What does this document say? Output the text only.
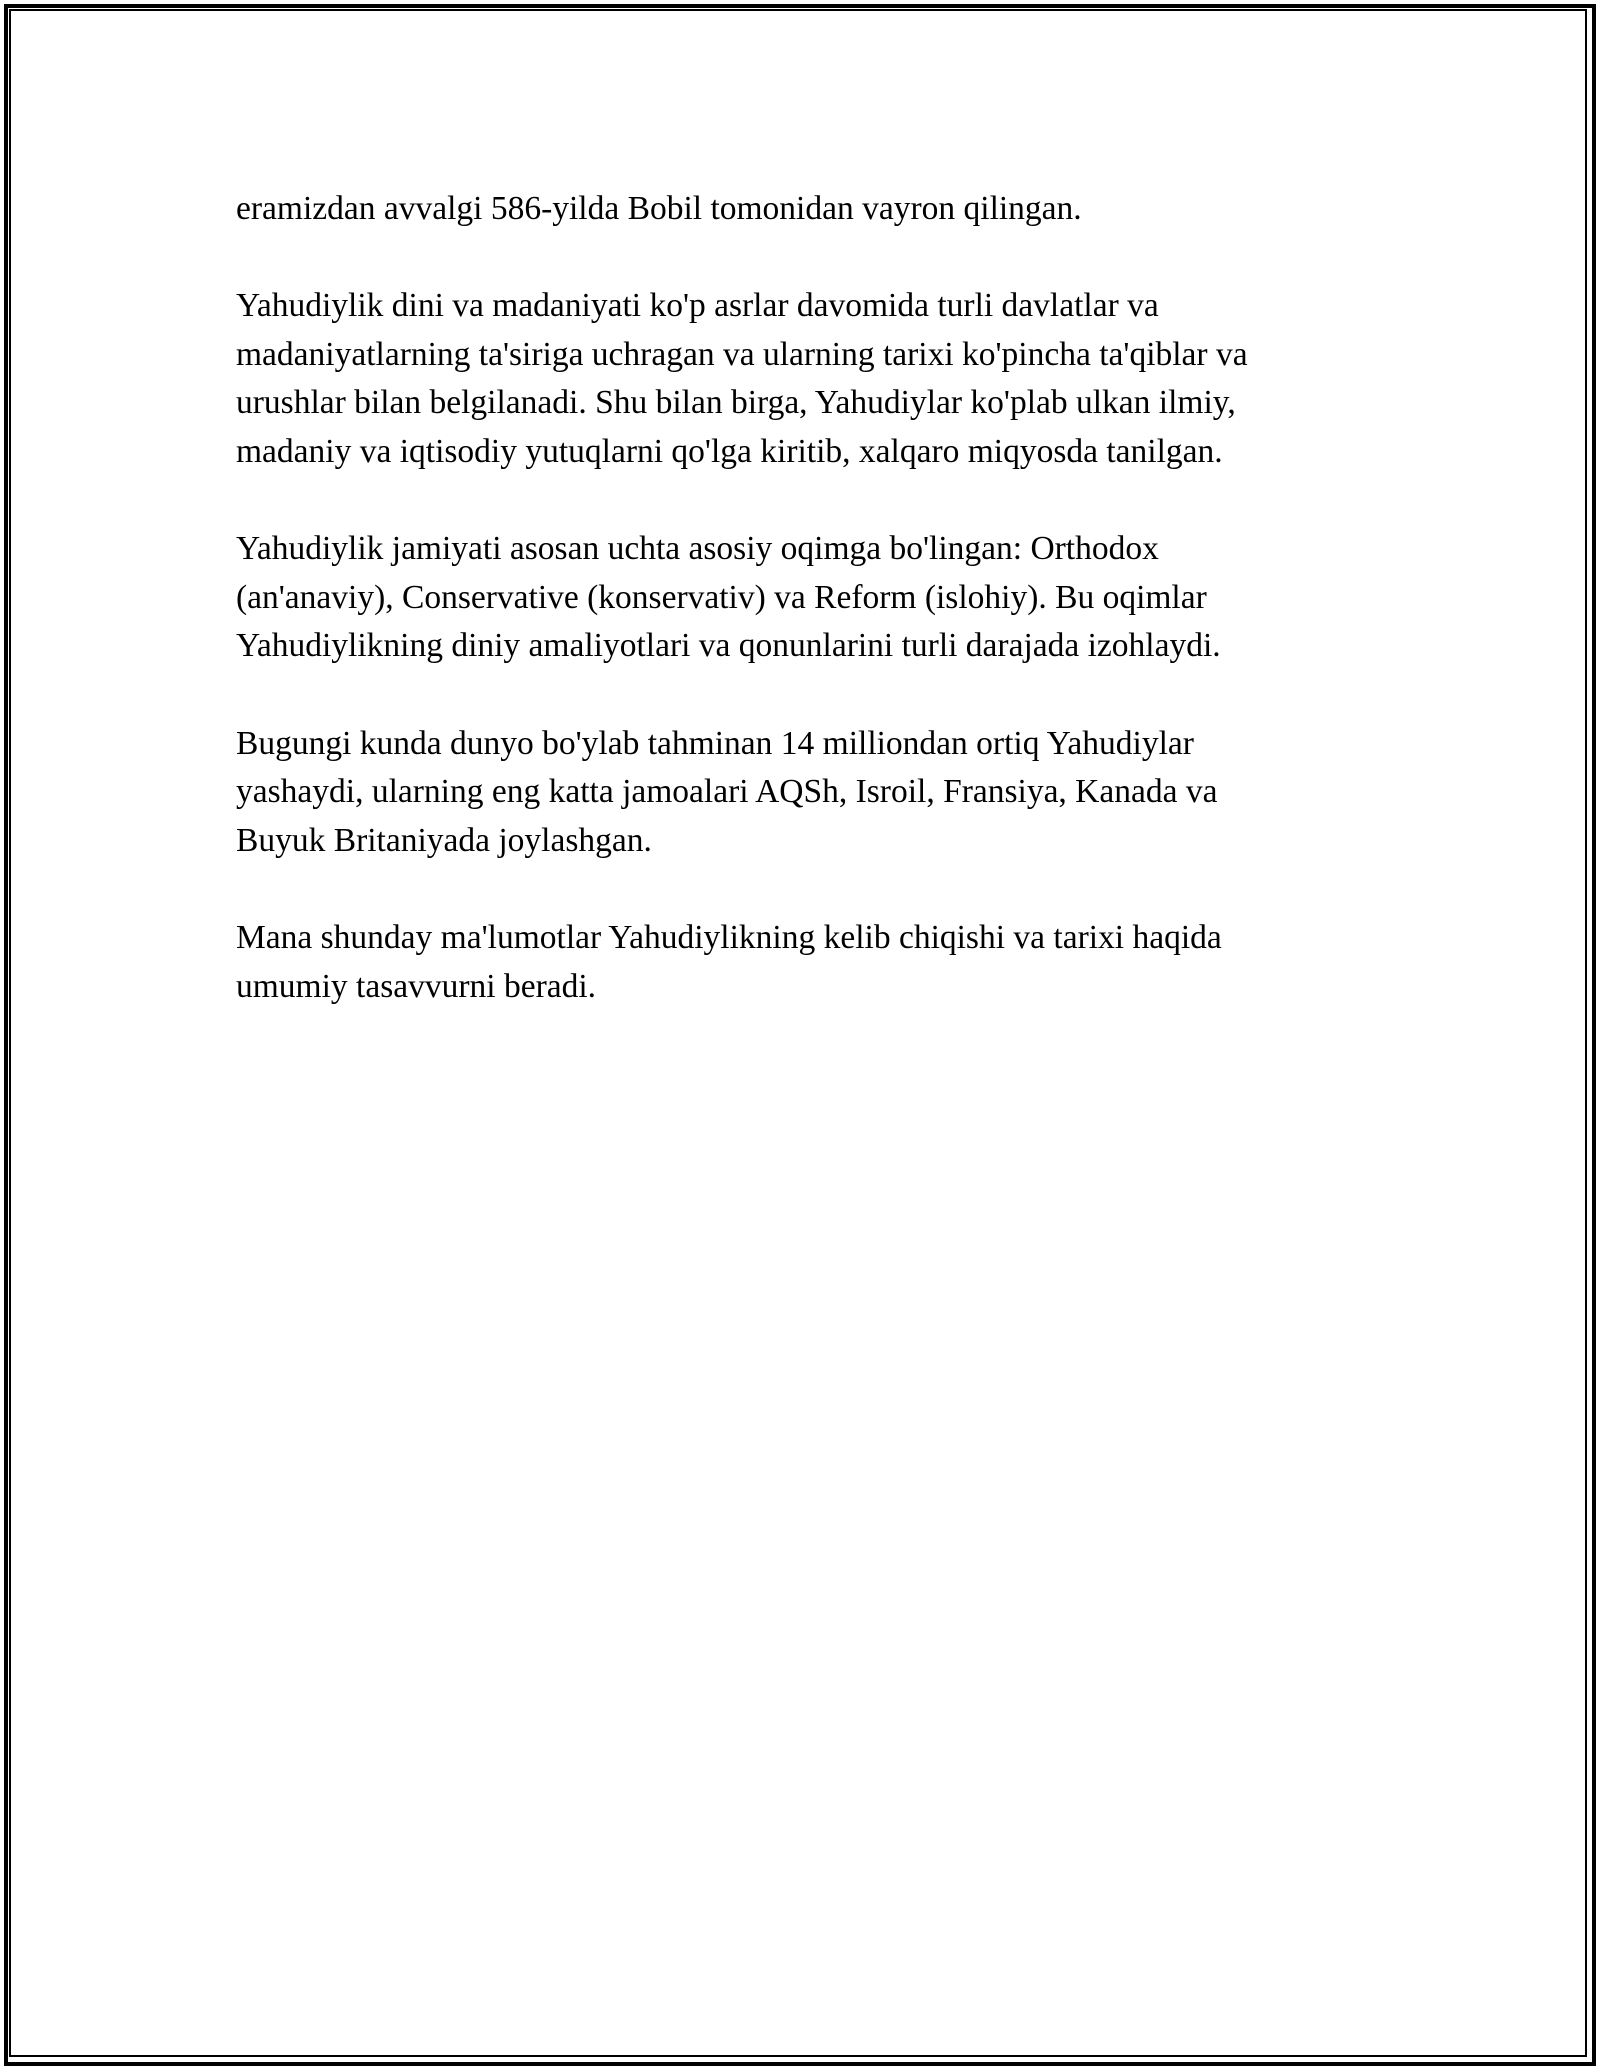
eramizdan avvalgi 586-yilda Bobil tomonidan vayron qilingan.

Yahudiylik dini va madaniyati ko'p asrlar davomida turli davlatlar va
madaniyatlarning ta'siriga uchragan va ularning tarixi ko'pincha ta'qiblar va
urushlar bilan belgilanadi. Shu bilan birga, Yahudiylar ko'plab ulkan ilmiy,
madaniy va iqtisodiy yutuqlarni qo'lga kiritib, xalqaro miqyosda tanilgan.

Yahudiylik jamiyati asosan uchta asosiy oqimga bo'lingan: Orthodox
(an'anaviy), Conservative (konservativ) va Reform (islohiy). Bu oqimlar
Yahudiylikning diniy amaliyotlari va qonunlarini turli darajada izohlaydi.

Bugungi kunda dunyo bo'ylab tahminan 14 milliondan ortiq Yahudiylar
yashaydi, ularning eng katta jamoalari AQSh, Isroil, Fransiya, Kanada va
Buyuk Britaniyada joylashgan.

Mana shunday ma'lumotlar Yahudiylikning kelib chiqishi va tarixi haqida
umumiy tasavvurni beradi.
